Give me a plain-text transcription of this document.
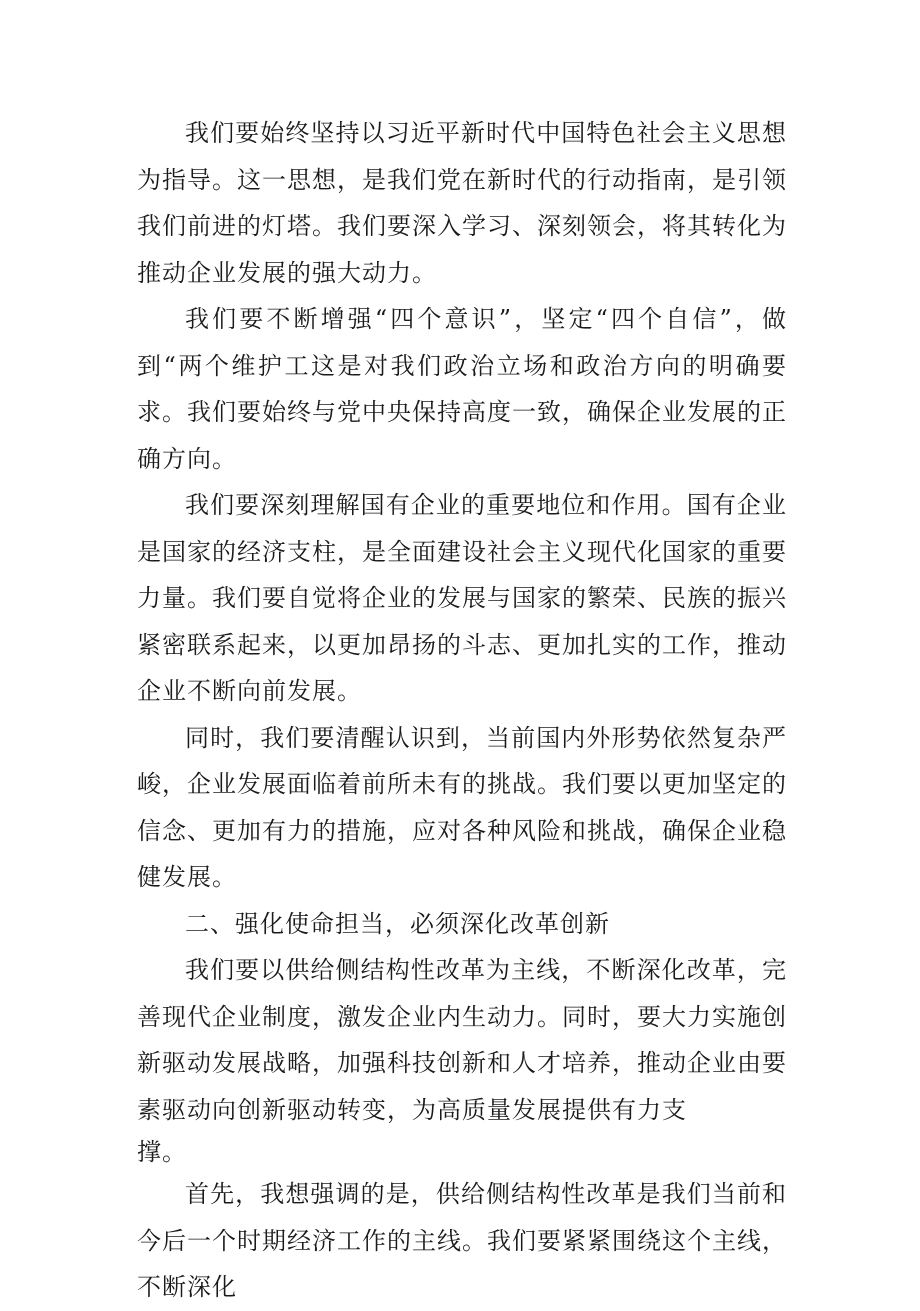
我们要始终坚持以习近平新时代中国特色社会主义思想为指导。这一思想，是我们党在新时代的行动指南，是引领我们前进的灯塔。我们要深入学习、深刻领会，将其转化为推动企业发展的强大动力。

我们要不断增强“四个意识”，坚定“四个自信”，做到“两个维护工这是对我们政治立场和政治方向的明确要求。我们要始终与党中央保持高度一致，确保企业发展的正确方向。

我们要深刻理解国有企业的重要地位和作用。国有企业是国家的经济支柱，是全面建设社会主义现代化国家的重要力量。我们要自觉将企业的发展与国家的繁荣、民族的振兴紧密联系起来，以更加昂扬的斗志、更加扎实的工作，推动企业不断向前发展。

同时，我们要清醒认识到，当前国内外形势依然复杂严峻，企业发展面临着前所未有的挑战。我们要以更加坚定的信念、更加有力的措施，应对各种风险和挑战，确保企业稳健发展。

二、强化使命担当，必须深化改革创新

我们要以供给侧结构性改革为主线，不断深化改革，完善现代企业制度，激发企业内生动力。同时，要大力实施创新驱动发展战略，加强科技创新和人才培养，推动企业由要素驱动向创新驱动转变，为高质量发展提供有力支

撑。

首先，我想强调的是，供给侧结构性改革是我们当前和今后一个时期经济工作的主线。我们要紧紧围绕这个主线，不断深化
